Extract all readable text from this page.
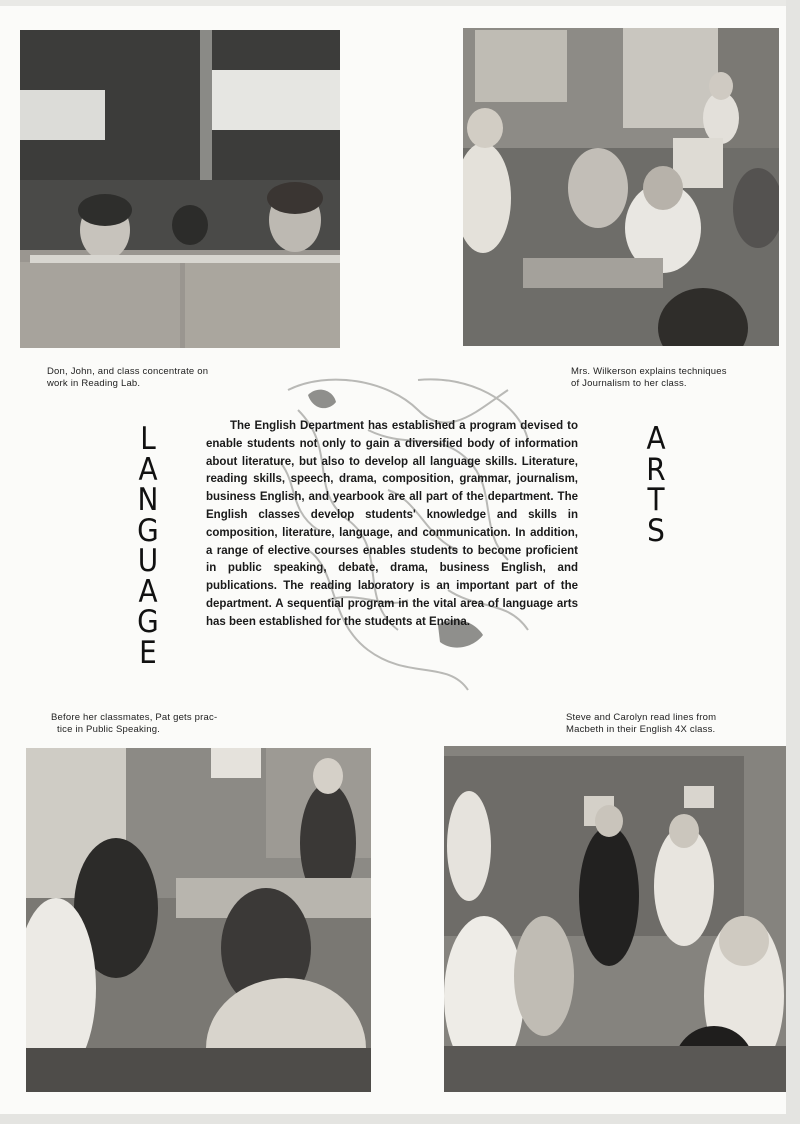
Don, John, and class concentrate on
work in Reading Lab.
Mrs. Wilkerson explains techniques
of Journalism to her class.
L
A
N
G
U
A
G
E
A
R
T
S
The English Department has established a program devised to enable students not only to gain a diversified body of information about literature, but also to develop all language skills. Literature, reading skills, speech, drama, composition, grammar, journalism, business English, and yearbook are all part of the department. The English classes develop students' knowledge and skills in composition, literature, language, and communication. In addition, a range of elective courses enables students to become proficient in public speaking, debate, drama, business English, and publications. The reading laboratory is an important part of the department. A sequential program in the vital area of language arts has been established for the students at Encina.
Before her classmates, Pat gets prac-
tice in Public Speaking.
Steve and Carolyn read lines from
Macbeth in their English 4X class.
